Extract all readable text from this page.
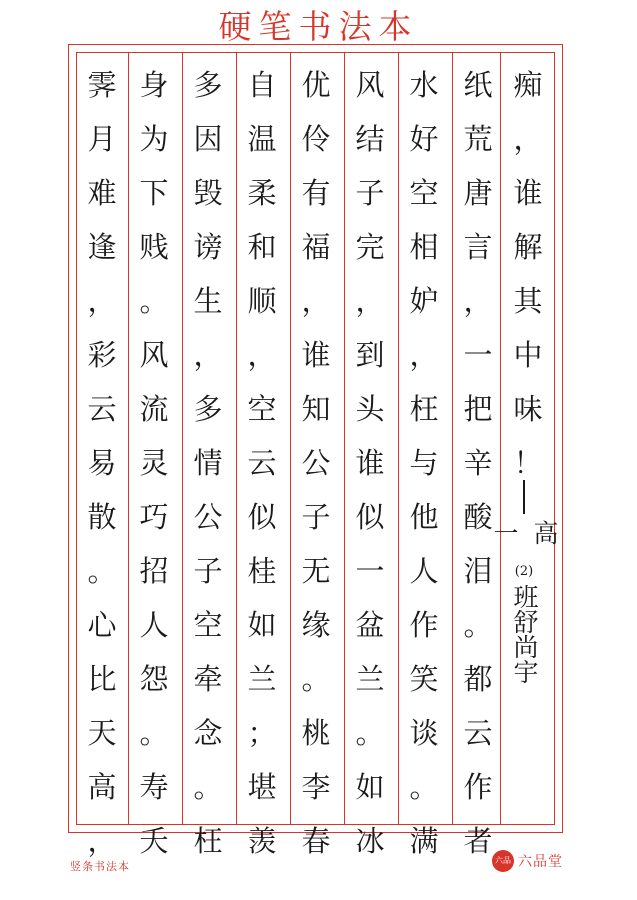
硬笔书法本
痴
，
谁
解
其
中
味
！
纸
荒
唐
言
，
一
把
辛
酸
泪
。
都
云
作
者
水
好
空
相
妒
，
枉
与
他
人
作
笑
谈
。
满
风
结
子
完
，
到
头
谁
似
一
盆
兰
。
如
冰
优
伶
有
福
，
谁
知
公
子
无
缘
。
桃
李
春
自
温
柔
和
顺
，
空
云
似
桂
如
兰
；
堪
羡
多
因
毁
谤
生
，
多
情
公
子
空
牵
念
。
枉
身
为
下
贱
。
风
流
灵
巧
招
人
怨
。
寿
夭
霁
月
难
逢
，
彩
云
易
散
。
心
比
天
高
，
高一
(2)
班舒尚宇
竖条书法本	六品堂
六品堂
